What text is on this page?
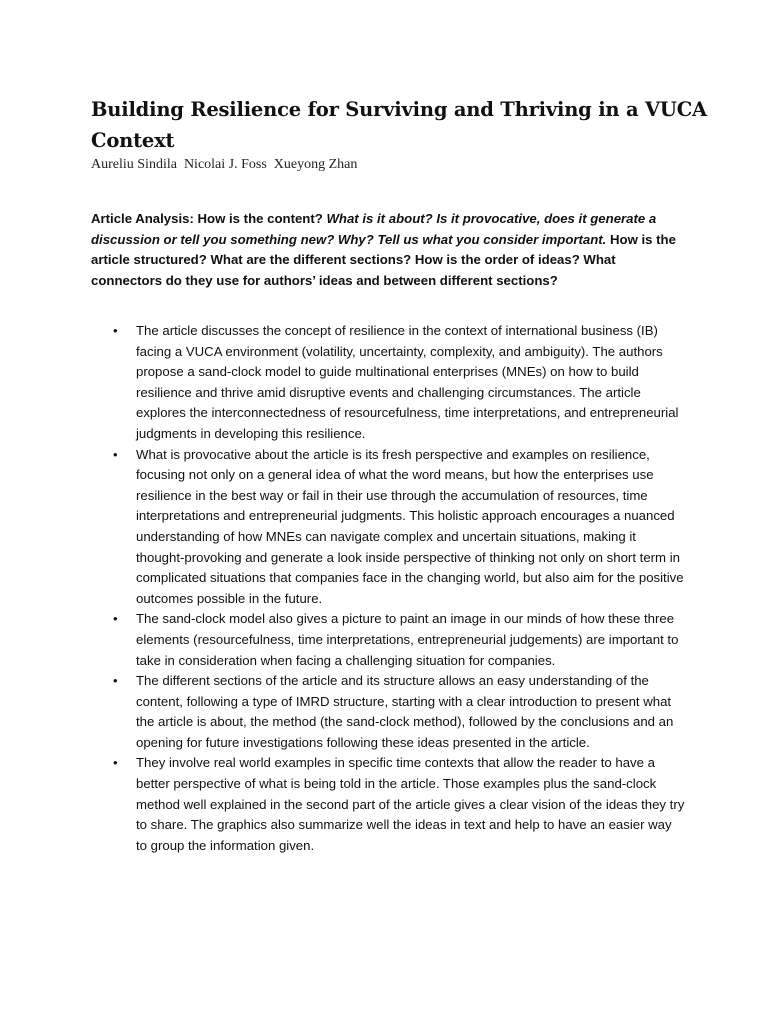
Building Resilience for Surviving and Thriving in a VUCA Context

Aureliu Sindila Nicolai J. Foss Xueyong Zhan

Article Analysis: How is the content? What is it about? Is it provocative, does it generate a discussion or tell you something new? Why? Tell us what you consider important. How is the article structured? What are the different sections? How is the order of ideas? What connectors do they use for authors’ ideas and between different sections?

• The article discusses the concept of resilience in the context of international business (IB) facing a VUCA environment (volatility, uncertainty, complexity, and ambiguity). The authors propose a sand-clock model to guide multinational enterprises (MNEs) on how to build resilience and thrive amid disruptive events and challenging circumstances. The article explores the interconnectedness of resourcefulness, time interpretations, and entrepreneurial judgments in developing this resilience.
• What is provocative about the article is its fresh perspective and examples on resilience, focusing not only on a general idea of what the word means, but how the enterprises use resilience in the best way or fail in their use through the accumulation of resources, time interpretations and entrepreneurial judgments. This holistic approach encourages a nuanced understanding of how MNEs can navigate complex and uncertain situations, making it thought-provoking and generate a look inside perspective of thinking not only on short term in complicated situations that companies face in the changing world, but also aim for the positive outcomes possible in the future.
• The sand-clock model also gives a picture to paint an image in our minds of how these three elements (resourcefulness, time interpretations, entrepreneurial judgements) are important to take in consideration when facing a challenging situation for companies.
• The different sections of the article and its structure allows an easy understanding of the content, following a type of IMRD structure, starting with a clear introduction to present what the article is about, the method (the sand-clock method), followed by the conclusions and an opening for future investigations following these ideas presented in the article.
• They involve real world examples in specific time contexts that allow the reader to have a better perspective of what is being told in the article. Those examples plus the sand-clock method well explained in the second part of the article gives a clear vision of the ideas they try to share. The graphics also summarize well the ideas in text and help to have an easier way to group the information given.
